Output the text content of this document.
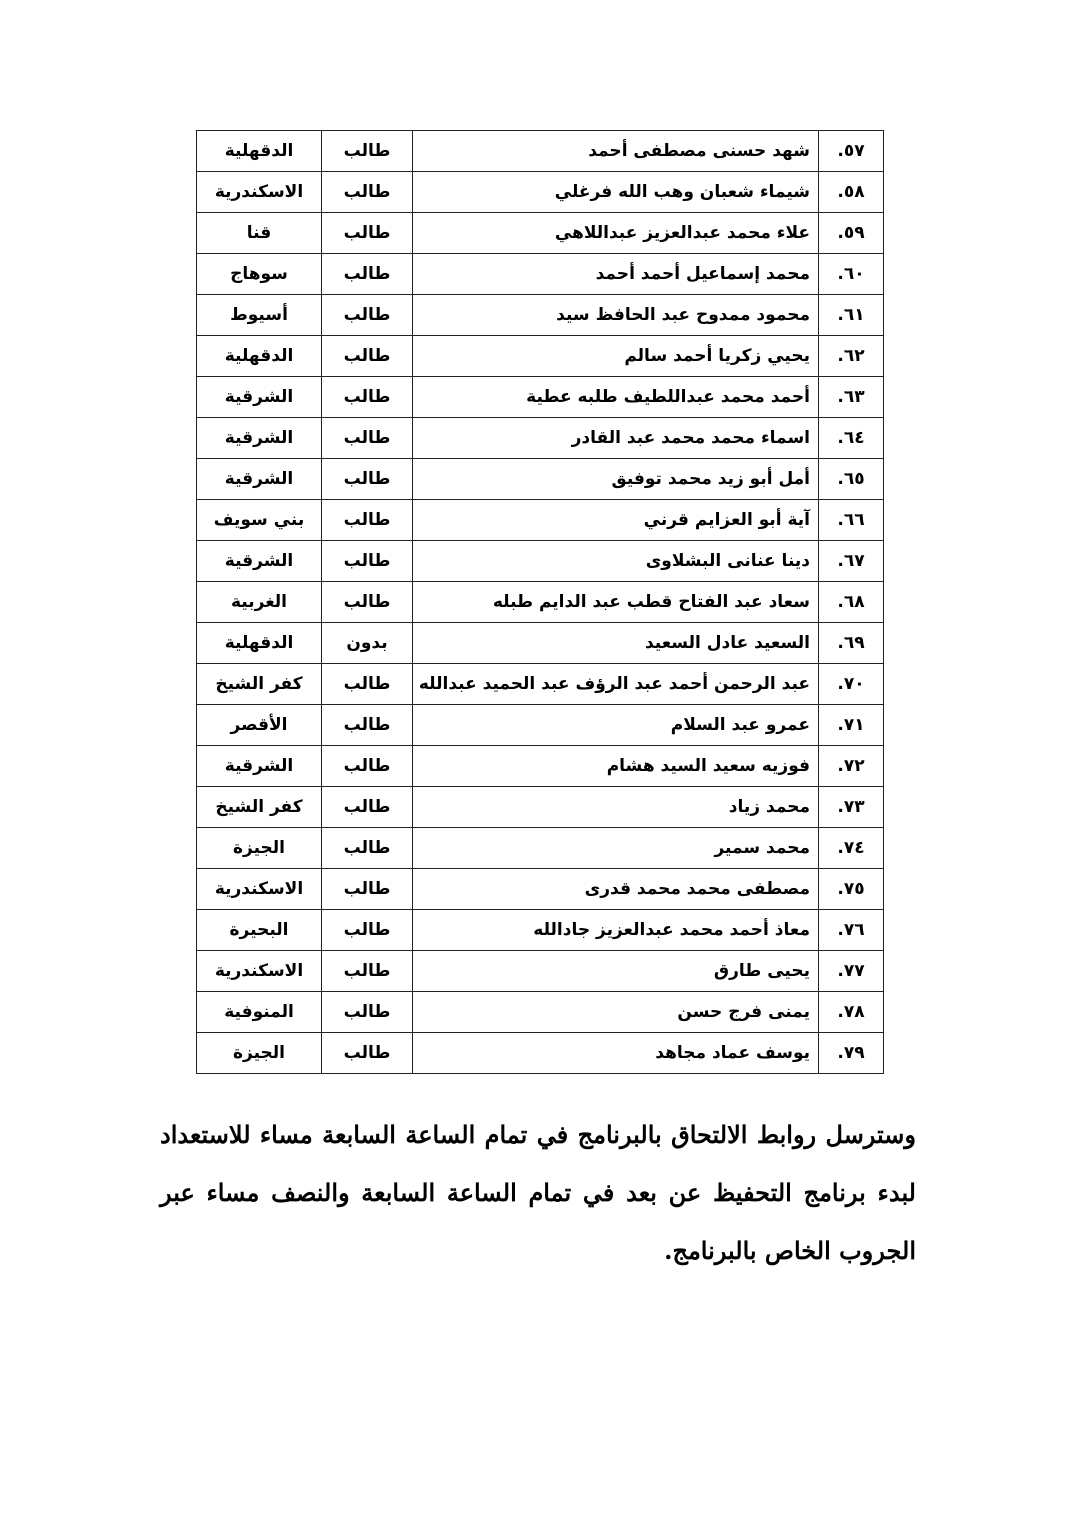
٥٧.	شهد حسنى مصطفى أحمد	طالب	الدقهلية
٥٨.	شيماء شعبان وهب الله فرغلي	طالب	الاسكندرية
٥٩.	علاء محمد عبدالعزيز عبداللاهي	طالب	قنا
٦٠.	محمد إسماعيل أحمد أحمد	طالب	سوهاج
٦١.	محمود ممدوح عبد الحافظ سيد	طالب	أسيوط
٦٢.	يحيي زكريا أحمد سالم	طالب	الدقهلية
٦٣.	أحمد محمد عبداللطيف طلبه عطية	طالب	الشرقية
٦٤.	اسماء محمد محمد عبد القادر	طالب	الشرقية
٦٥.	أمل أبو زيد محمد توفيق	طالب	الشرقية
٦٦.	آية أبو العزايم قرني	طالب	بني سويف
٦٧.	دينا عنانى البشلاوى	طالب	الشرقية
٦٨.	سعاد عبد الفتاح قطب عبد الدايم طبله	طالب	الغربية
٦٩.	السعيد عادل السعيد	بدون	الدقهلية
٧٠.	عبد الرحمن أحمد عبد الرؤف عبد الحميد عبدالله	طالب	كفر الشيخ
٧١.	عمرو عبد السلام	طالب	الأقصر
٧٢.	فوزيه سعيد السيد هشام	طالب	الشرقية
٧٣.	محمد زياد	طالب	كفر الشيخ
٧٤.	محمد سمير	طالب	الجيزة
٧٥.	مصطفى محمد محمد قدرى	طالب	الاسكندرية
٧٦.	معاذ أحمد محمد عبدالعزيز جادالله	طالب	البحيرة
٧٧.	يحيى طارق	طالب	الاسكندرية
٧٨.	يمنى فرج حسن	طالب	المنوفية
٧٩.	يوسف عماد مجاهد	طالب	الجيزة

وسترسل روابط الالتحاق بالبرنامج في تمام الساعة السابعة مساء للاستعداد لبدء برنامج التحفيظ عن بعد في تمام الساعة السابعة والنصف مساء عبر الجروب الخاص بالبرنامج.
